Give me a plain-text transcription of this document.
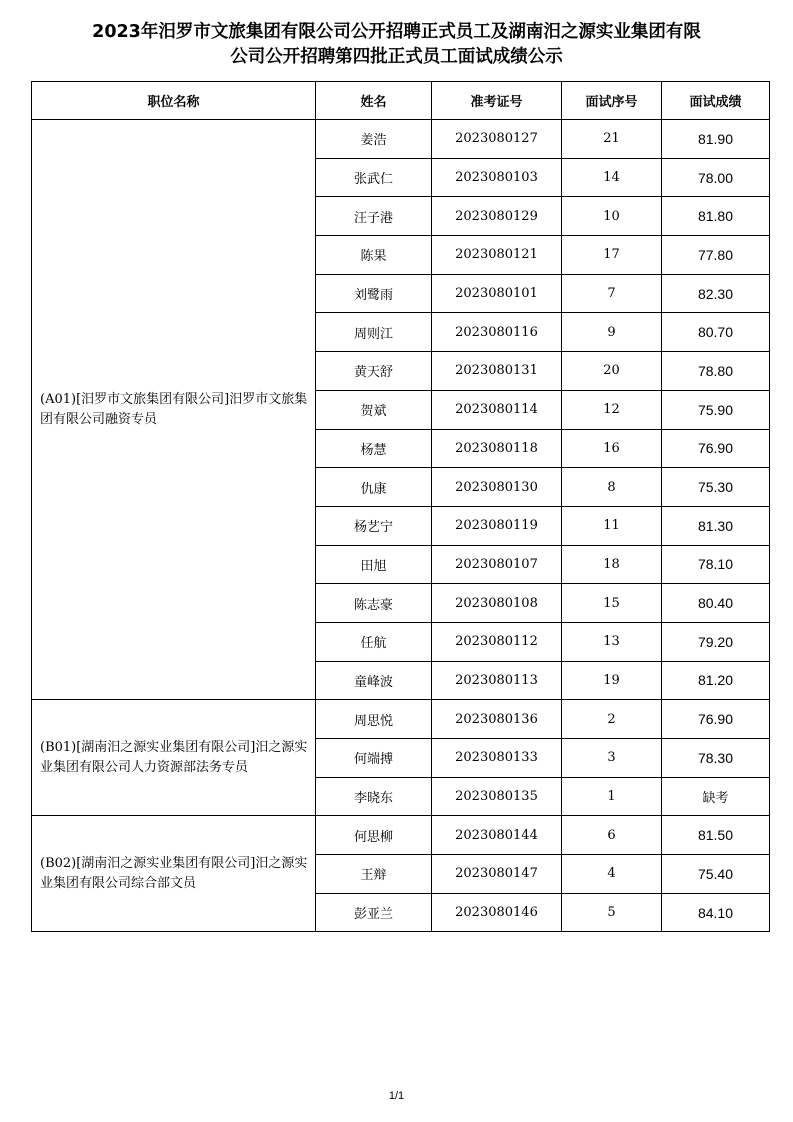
2023年汨罗市文旅集团有限公司公开招聘正式员工及湖南汨之源实业集团有限
公司公开招聘第四批正式员工面试成绩公示
职位名称	姓名	准考证号	面试序号	面试成绩
(A01)[汨罗市文旅集团有限公司]汨罗市文旅集团有限公司融资专员	姜浩	2023080127	21	81.90
	张武仁	2023080103	14	78.00
	汪子港	2023080129	10	81.80
	陈果	2023080121	17	77.80
	刘鹭雨	2023080101	7	82.30
	周则江	2023080116	9	80.70
	黄天舒	2023080131	20	78.80
	贺斌	2023080114	12	75.90
	杨慧	2023080118	16	76.90
	仇康	2023080130	8	75.30
	杨艺宁	2023080119	11	81.30
	田旭	2023080107	18	78.10
	陈志豪	2023080108	15	80.40
	任航	2023080112	13	79.20
	童峰波	2023080113	19	81.20
(B01)[湖南汨之源实业集团有限公司]汨之源实业集团有限公司人力资源部法务专员	周思悦	2023080136	2	76.90
	何端搏	2023080133	3	78.30
	李晓东	2023080135	1	缺考
(B02)[湖南汨之源实业集团有限公司]汨之源实业集团有限公司综合部文员	何思柳	2023080144	6	81.50
	王辩	2023080147	4	75.40
	彭亚兰	2023080146	5	84.10
1/1
